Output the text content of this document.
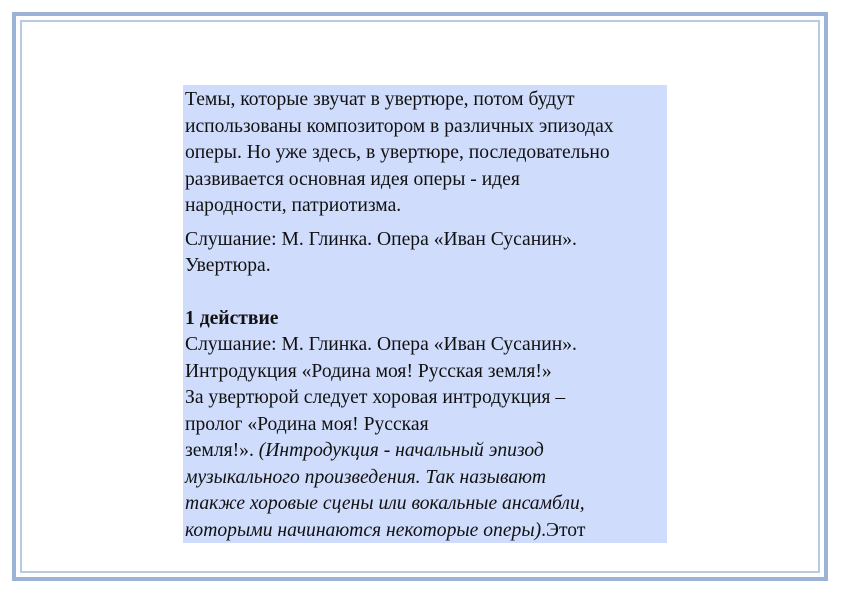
Темы, которые звучат в увертюре, потом будут
использованы композитором в различных эпизодах
оперы. Но уже здесь, в увертюре, последовательно
развивается основная идея оперы - идея
народности, патриотизма.

Слушание: М. Глинка. Опера «Иван Сусанин».
Увертюра.

1 действие
Слушание: М. Глинка. Опера «Иван Сусанин».
Интродукция «Родина моя! Русская земля!»
За увертюрой следует хоровая интродукция –
пролог «Родина моя! Русская
земля!». (Интродукция - начальный эпизод
музыкального произведения. Так называют
также хоровые сцены или вокальные ансамбли,
которыми начинаются некоторые оперы).Этот
